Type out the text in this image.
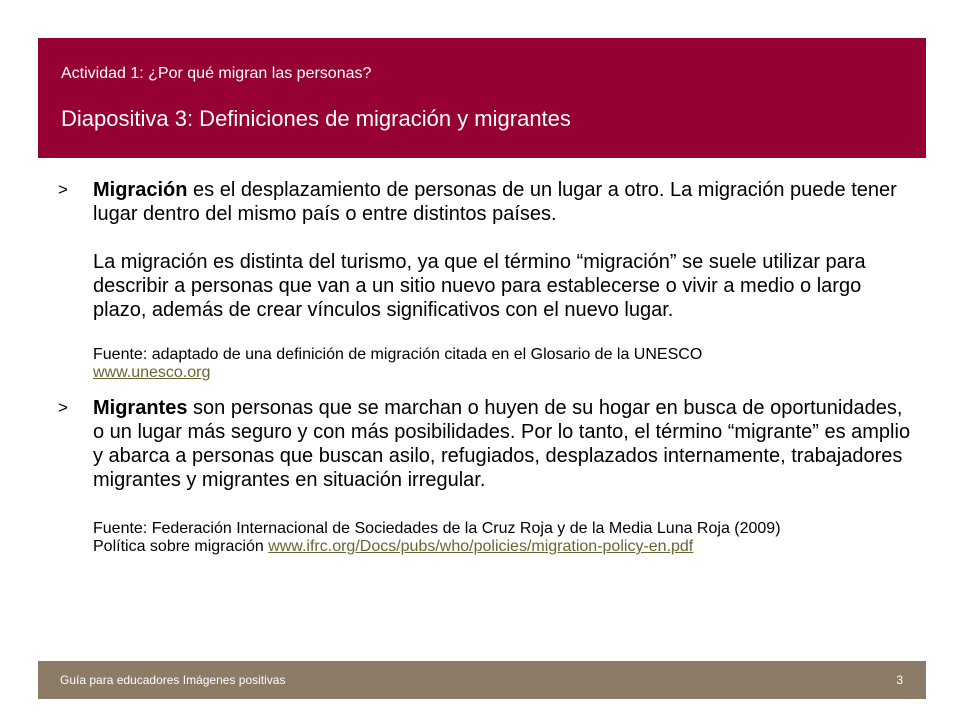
Actividad 1: ¿Por qué migran las personas?
Diapositiva 3: Definiciones de migración y migrantes
> Migración es el desplazamiento de personas de un lugar a otro. La migración puede tener lugar dentro del mismo país o entre distintos países.

La migración es distinta del turismo, ya que el término “migración” se suele utilizar para describir a personas que van a un sitio nuevo para establecerse o vivir a medio o largo plazo, además de crear vínculos significativos con el nuevo lugar.

Fuente: adaptado de una definición de migración citada en el Glosario de la UNESCO
www.unesco.org
> Migrantes son personas que se marchan o huyen de su hogar en busca de oportunidades, o un lugar más seguro y con más posibilidades. Por lo tanto, el término “migrante” es amplio y abarca a personas que buscan asilo, refugiados, desplazados internamente, trabajadores migrantes y migrantes en situación irregular.

Fuente: Federación Internacional de Sociedades de la Cruz Roja y de la Media Luna Roja (2009)
Política sobre migración www.ifrc.org/Docs/pubs/who/policies/migration-policy-en.pdf
Guía para educadores Imágenes positivas	3
